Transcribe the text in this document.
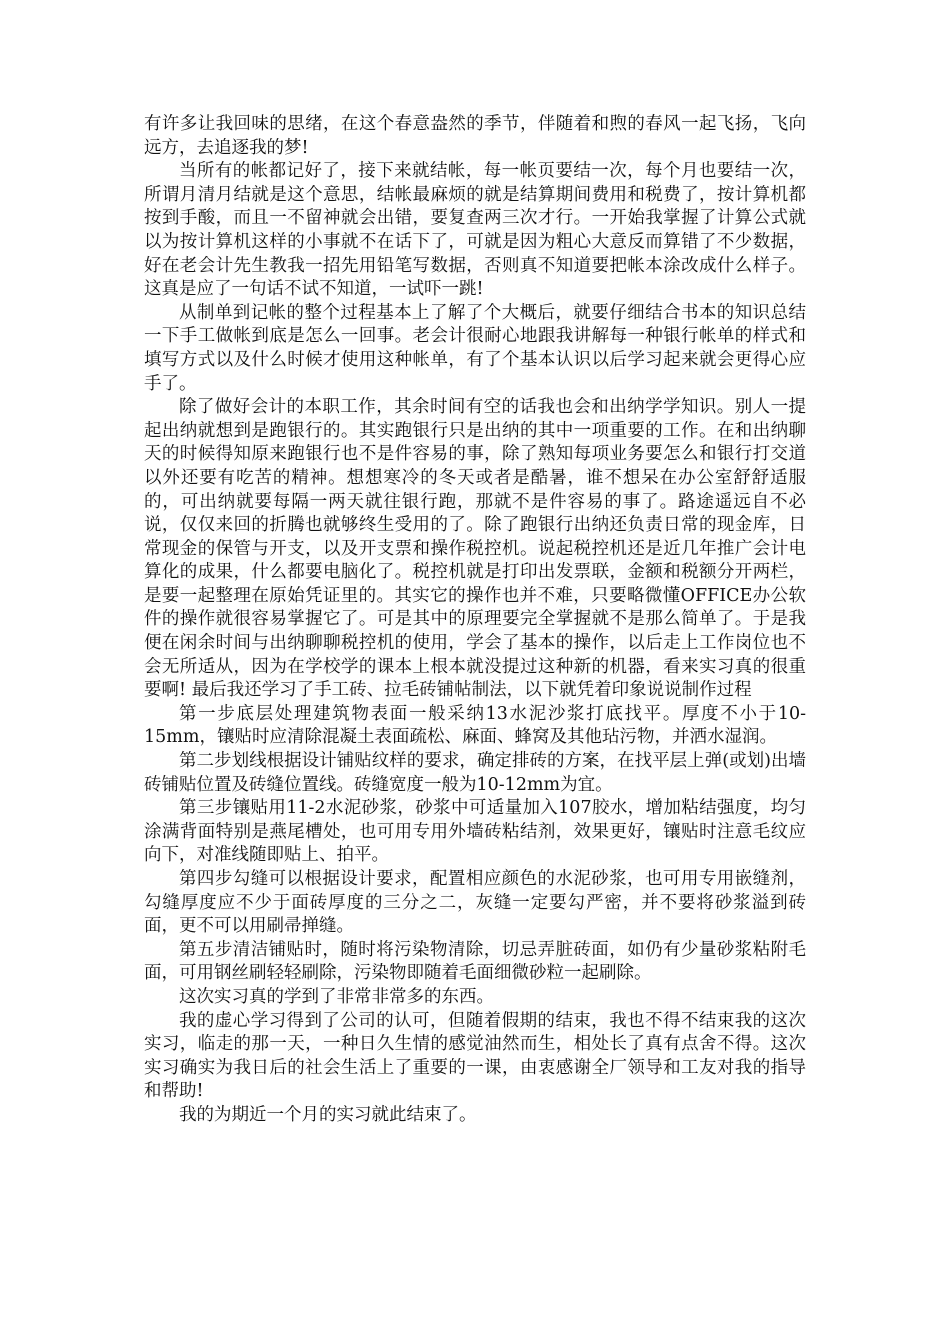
有许多让我回味的思绪，在这个春意盎然的季节，伴随着和煦的春风一起飞扬，飞向远方，去追逐我的梦!

当所有的帐都记好了，接下来就结帐，每一帐页要结一次，每个月也要结一次，所谓月清月结就是这个意思，结帐最麻烦的就是结算期间费用和税费了，按计算机都按到手酸，而且一不留神就会出错，要复查两三次才行。一开始我掌握了计算公式就以为按计算机这样的小事就不在话下了，可就是因为粗心大意反而算错了不少数据，好在老会计先生教我一招先用铅笔写数据，否则真不知道要把帐本涂改成什么样子。这真是应了一句话不试不知道，一试吓一跳!

从制单到记帐的整个过程基本上了解了个大概后，就要仔细结合书本的知识总结一下手工做帐到底是怎么一回事。老会计很耐心地跟我讲解每一种银行帐单的样式和填写方式以及什么时候才使用这种帐单，有了个基本认识以后学习起来就会更得心应手了。

除了做好会计的本职工作，其余时间有空的话我也会和出纳学学知识。别人一提起出纳就想到是跑银行的。其实跑银行只是出纳的其中一项重要的工作。在和出纳聊天的时候得知原来跑银行也不是件容易的事，除了熟知每项业务要怎么和银行打交道以外还要有吃苦的精神。想想寒冷的冬天或者是酷暑，谁不想呆在办公室舒舒适服的，可出纳就要每隔一两天就往银行跑，那就不是件容易的事了。路途遥远自不必说，仅仅来回的折腾也就够终生受用的了。除了跑银行出纳还负责日常的现金库，日常现金的保管与开支，以及开支票和操作税控机。说起税控机还是近几年推广会计电算化的成果，什么都要电脑化了。税控机就是打印出发票联，金额和税额分开两栏，是要一起整理在原始凭证里的。其实它的操作也并不难，只要略微懂OFFICE办公软件的操作就很容易掌握它了。可是其中的原理要完全掌握就不是那么简单了。于是我便在闲余时间与出纳聊聊税控机的使用，学会了基本的操作，以后走上工作岗位也不会无所适从，因为在学校学的课本上根本就没提过这种新的机器，看来实习真的很重要啊! 最后我还学习了手工砖、拉毛砖铺帖制法，以下就凭着印象说说制作过程

第一步底层处理建筑物表面一般采纳13水泥沙浆打底找平。厚度不小于10-15mm，镶贴时应清除混凝土表面疏松、麻面、蜂窝及其他玷污物，并洒水湿润。

第二步划线根据设计铺贴纹样的要求，确定排砖的方案，在找平层上弹(或划)出墙砖铺贴位置及砖缝位置线。砖缝宽度一般为10-12mm为宜。

第三步镶贴用11-2水泥砂浆，砂浆中可适量加入107胶水，增加粘结强度，均匀涂满背面特别是燕尾槽处，也可用专用外墙砖粘结剂，效果更好，镶贴时注意毛纹应向下，对准线随即贴上、拍平。

第四步勾缝可以根据设计要求，配置相应颜色的水泥砂浆，也可用专用嵌缝剂，勾缝厚度应不少于面砖厚度的三分之二，灰缝一定要勾严密，并不要将砂浆溢到砖面，更不可以用刷帚掸缝。

第五步清洁铺贴时，随时将污染物清除，切忌弄脏砖面，如仍有少量砂浆粘附毛面，可用钢丝刷轻轻刷除，污染物即随着毛面细微砂粒一起刷除。

这次实习真的学到了非常非常多的东西。

我的虚心学习得到了公司的认可，但随着假期的结束，我也不得不结束我的这次实习，临走的那一天，一种日久生情的感觉油然而生，相处长了真有点舍不得。这次实习确实为我日后的社会生活上了重要的一课，由衷感谢全厂领导和工友对我的指导和帮助!

我的为期近一个月的实习就此结束了。
